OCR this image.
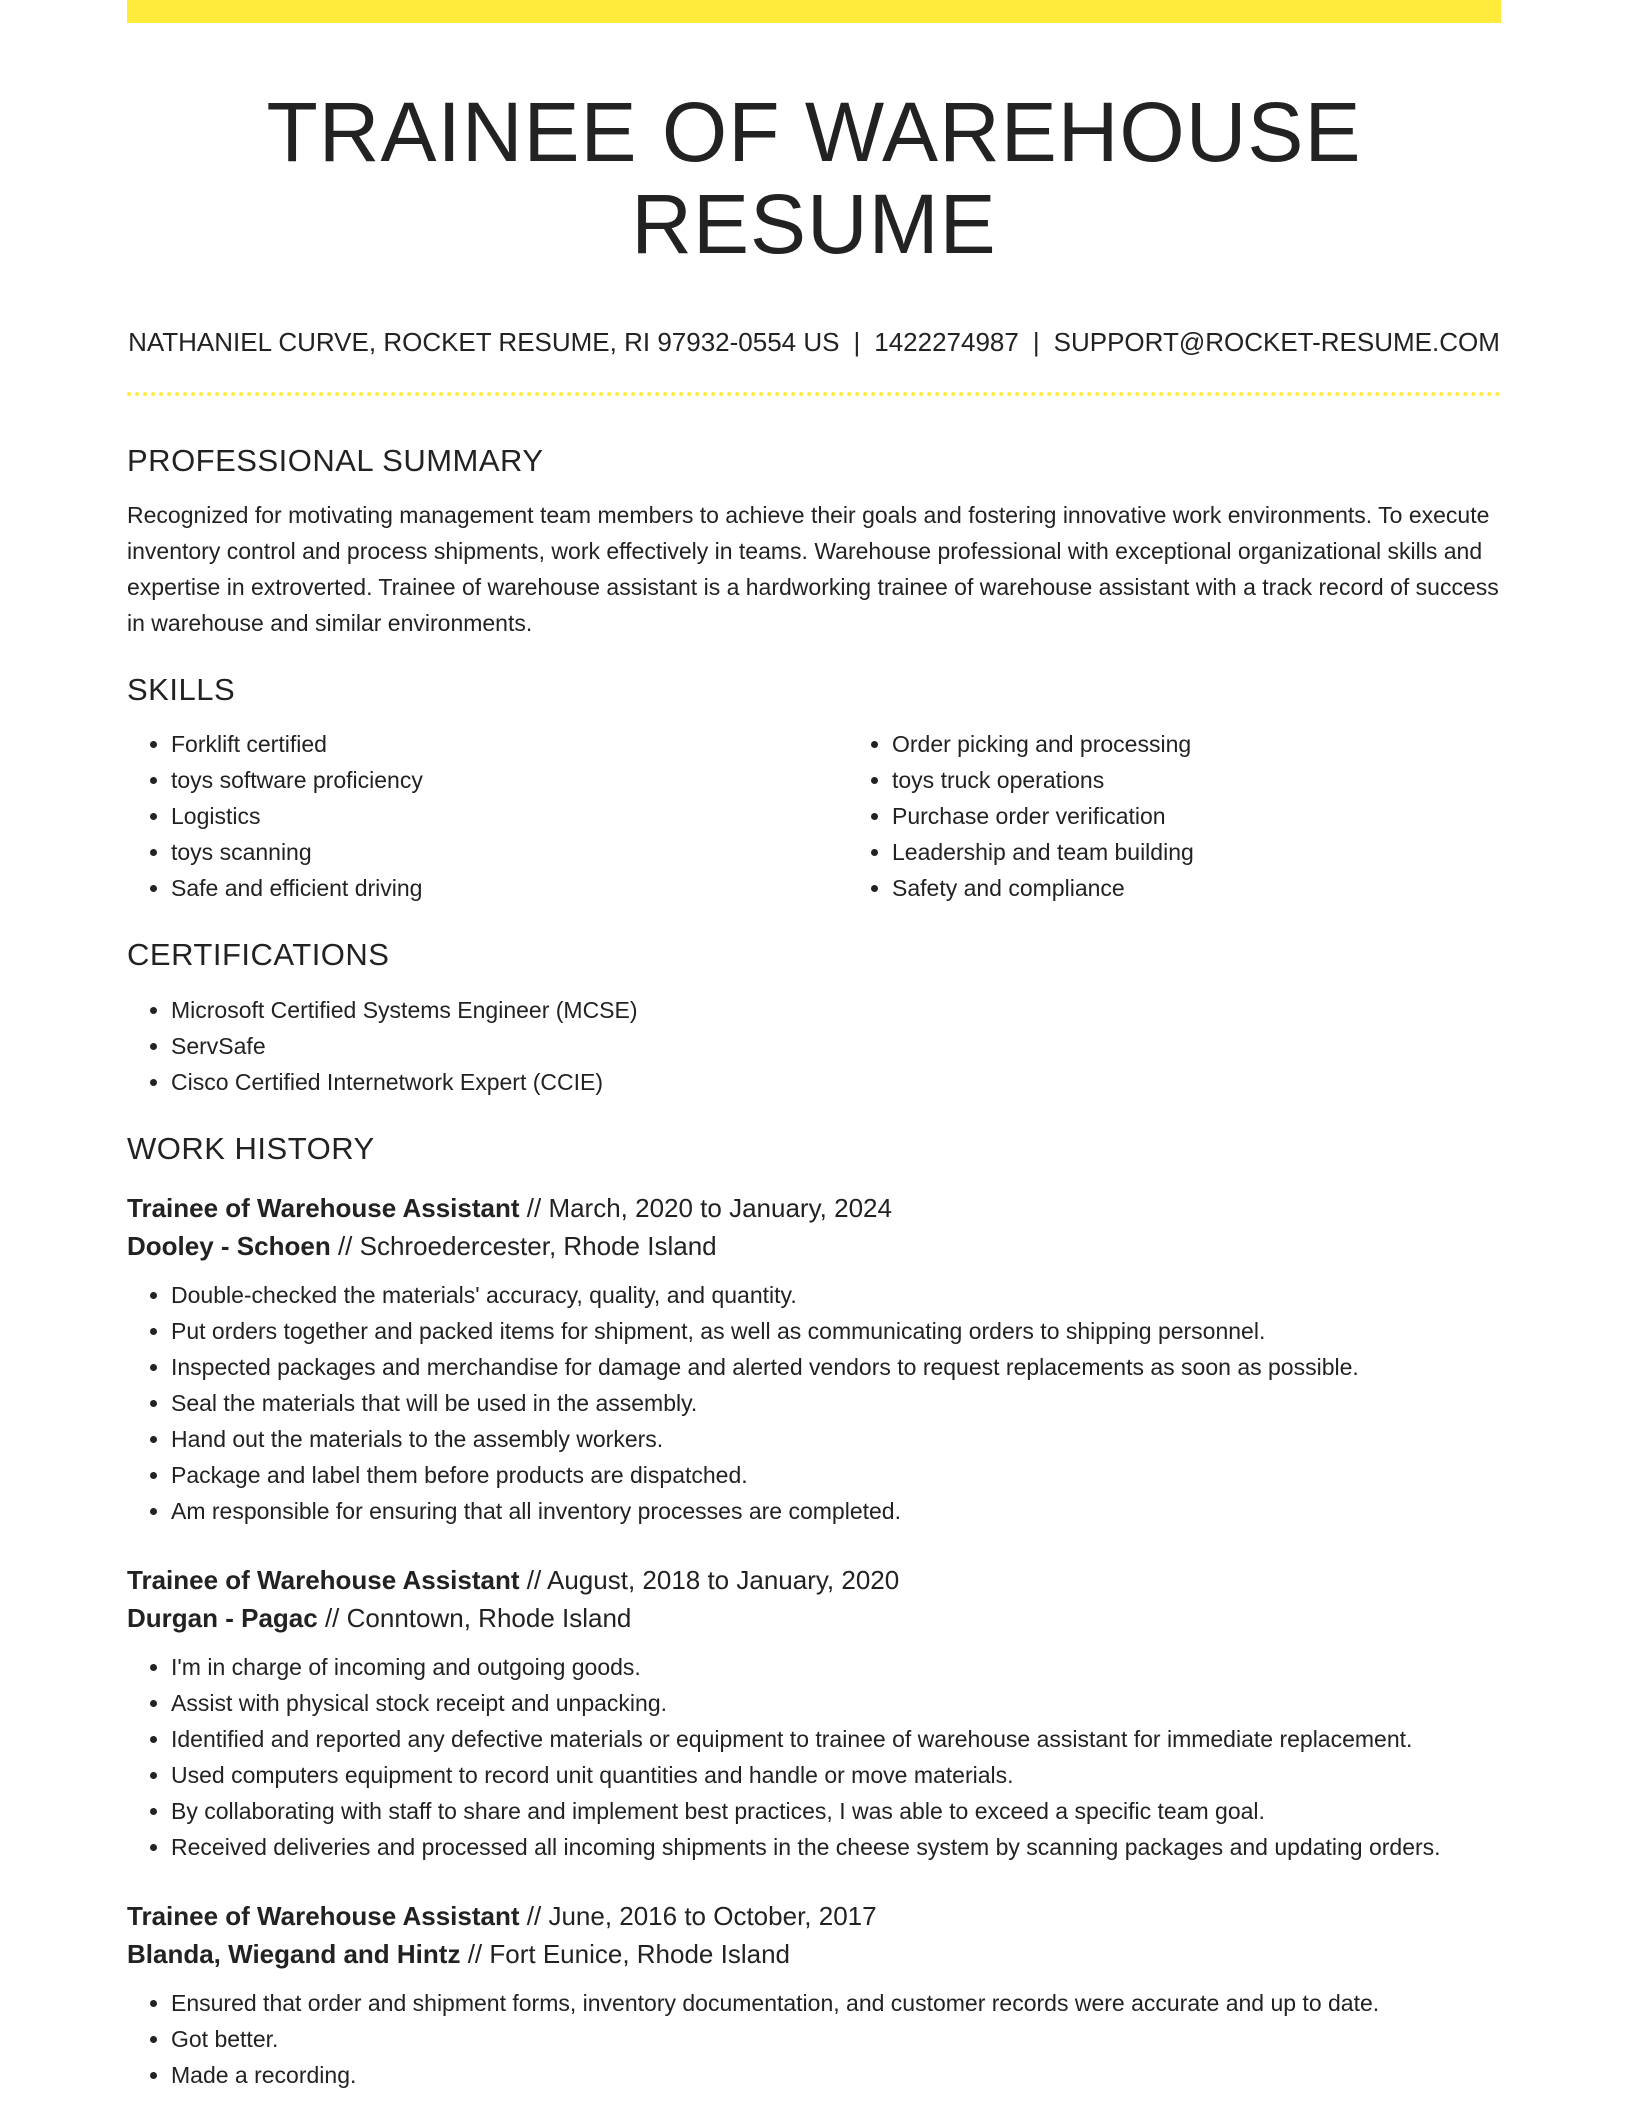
TRAINEE OF WAREHOUSE RESUME
NATHANIEL CURVE, ROCKET RESUME, RI 97932-0554 US | 1422274987 | SUPPORT@ROCKET-RESUME.COM
PROFESSIONAL SUMMARY

Recognized for motivating management team members to achieve their goals and fostering innovative work environments. To execute inventory control and process shipments, work effectively in teams. Warehouse professional with exceptional organizational skills and expertise in extroverted. Trainee of warehouse assistant is a hardworking trainee of warehouse assistant with a track record of success in warehouse and similar environments.

SKILLS
• Forklift certified
• toys software proficiency
• Logistics
• toys scanning
• Safe and efficient driving
• Order picking and processing
• toys truck operations
• Purchase order verification
• Leadership and team building
• Safety and compliance
CERTIFICATIONS
• Microsoft Certified Systems Engineer (MCSE)
• ServSafe
• Cisco Certified Internetwork Expert (CCIE)
WORK HISTORY
Trainee of Warehouse Assistant // March, 2020 to January, 2024
Dooley - Schoen // Schroedercester, Rhode Island
• Double-checked the materials' accuracy, quality, and quantity.
• Put orders together and packed items for shipment, as well as communicating orders to shipping personnel.
• Inspected packages and merchandise for damage and alerted vendors to request replacements as soon as possible.
• Seal the materials that will be used in the assembly.
• Hand out the materials to the assembly workers.
• Package and label them before products are dispatched.
• Am responsible for ensuring that all inventory processes are completed.
Trainee of Warehouse Assistant // August, 2018 to January, 2020
Durgan - Pagac // Conntown, Rhode Island
• I'm in charge of incoming and outgoing goods.
• Assist with physical stock receipt and unpacking.
• Identified and reported any defective materials or equipment to trainee of warehouse assistant for immediate replacement.
• Used computers equipment to record unit quantities and handle or move materials.
• By collaborating with staff to share and implement best practices, I was able to exceed a specific team goal.
• Received deliveries and processed all incoming shipments in the cheese system by scanning packages and updating orders.
Trainee of Warehouse Assistant // June, 2016 to October, 2017
Blanda, Wiegand and Hintz // Fort Eunice, Rhode Island
• Ensured that order and shipment forms, inventory documentation, and customer records were accurate and up to date.
• Got better.
• Made a recording.
